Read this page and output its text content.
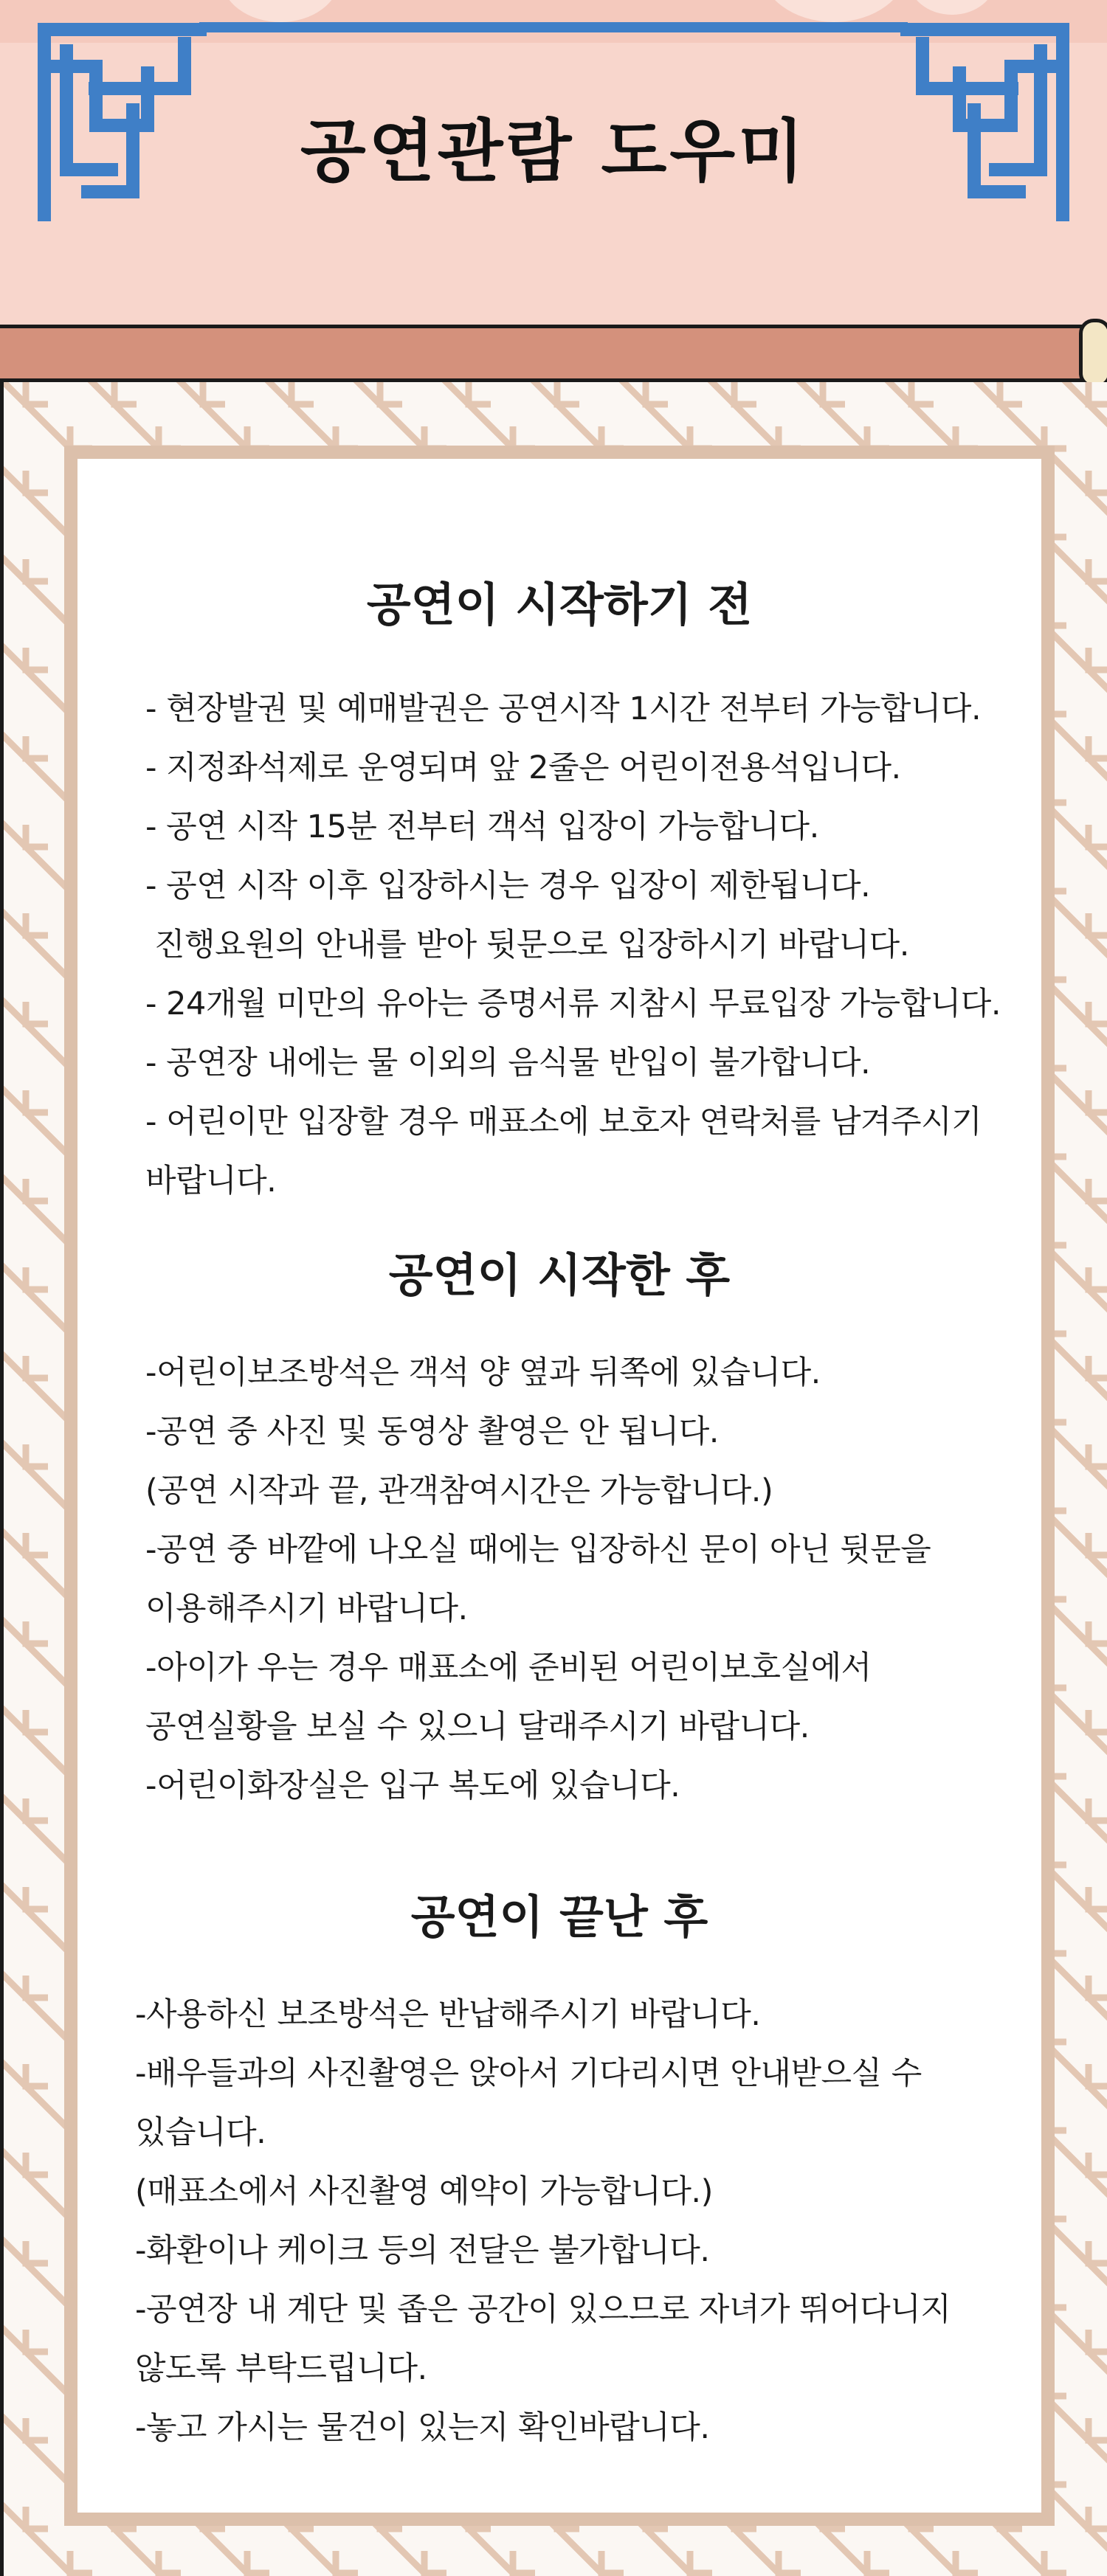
공연관람 도우미
공연이 시작하기 전
- 현장발권 및 예매발권은 공연시작 1시간 전부터 가능합니다.
- 지정좌석제로 운영되며 앞 2줄은 어린이전용석입니다.
- 공연 시작 15분 전부터 객석 입장이 가능합니다.
- 공연 시작 이후 입장하시는 경우 입장이 제한됩니다.
진행요원의 안내를 받아 뒷문으로 입장하시기 바랍니다.
- 24개월 미만의 유아는 증명서류 지참시 무료입장 가능합니다.
- 공연장 내에는 물 이외의 음식물 반입이 불가합니다.
- 어린이만 입장할 경우 매표소에 보호자 연락처를 남겨주시기
바랍니다.
공연이 시작한 후
-어린이보조방석은 객석 양 옆과 뒤쪽에 있습니다.
-공연 중 사진 및 동영상 촬영은 안 됩니다.
(공연 시작과 끝, 관객참여시간은 가능합니다.)
-공연 중 바깥에 나오실 때에는 입장하신 문이 아닌 뒷문을
이용해주시기 바랍니다.
-아이가 우는 경우 매표소에 준비된 어린이보호실에서
공연실황을 보실 수 있으니 달래주시기 바랍니다.
-어린이화장실은 입구 복도에 있습니다.
공연이 끝난 후
-사용하신 보조방석은 반납해주시기 바랍니다.
-배우들과의 사진촬영은 앉아서 기다리시면 안내받으실 수
있습니다.
(매표소에서 사진촬영 예약이 가능합니다.)
-화환이나 케이크 등의 전달은 불가합니다.
-공연장 내 계단 및 좁은 공간이 있으므로 자녀가 뛰어다니지
않도록 부탁드립니다.
-놓고 가시는 물건이 있는지 확인바랍니다.
